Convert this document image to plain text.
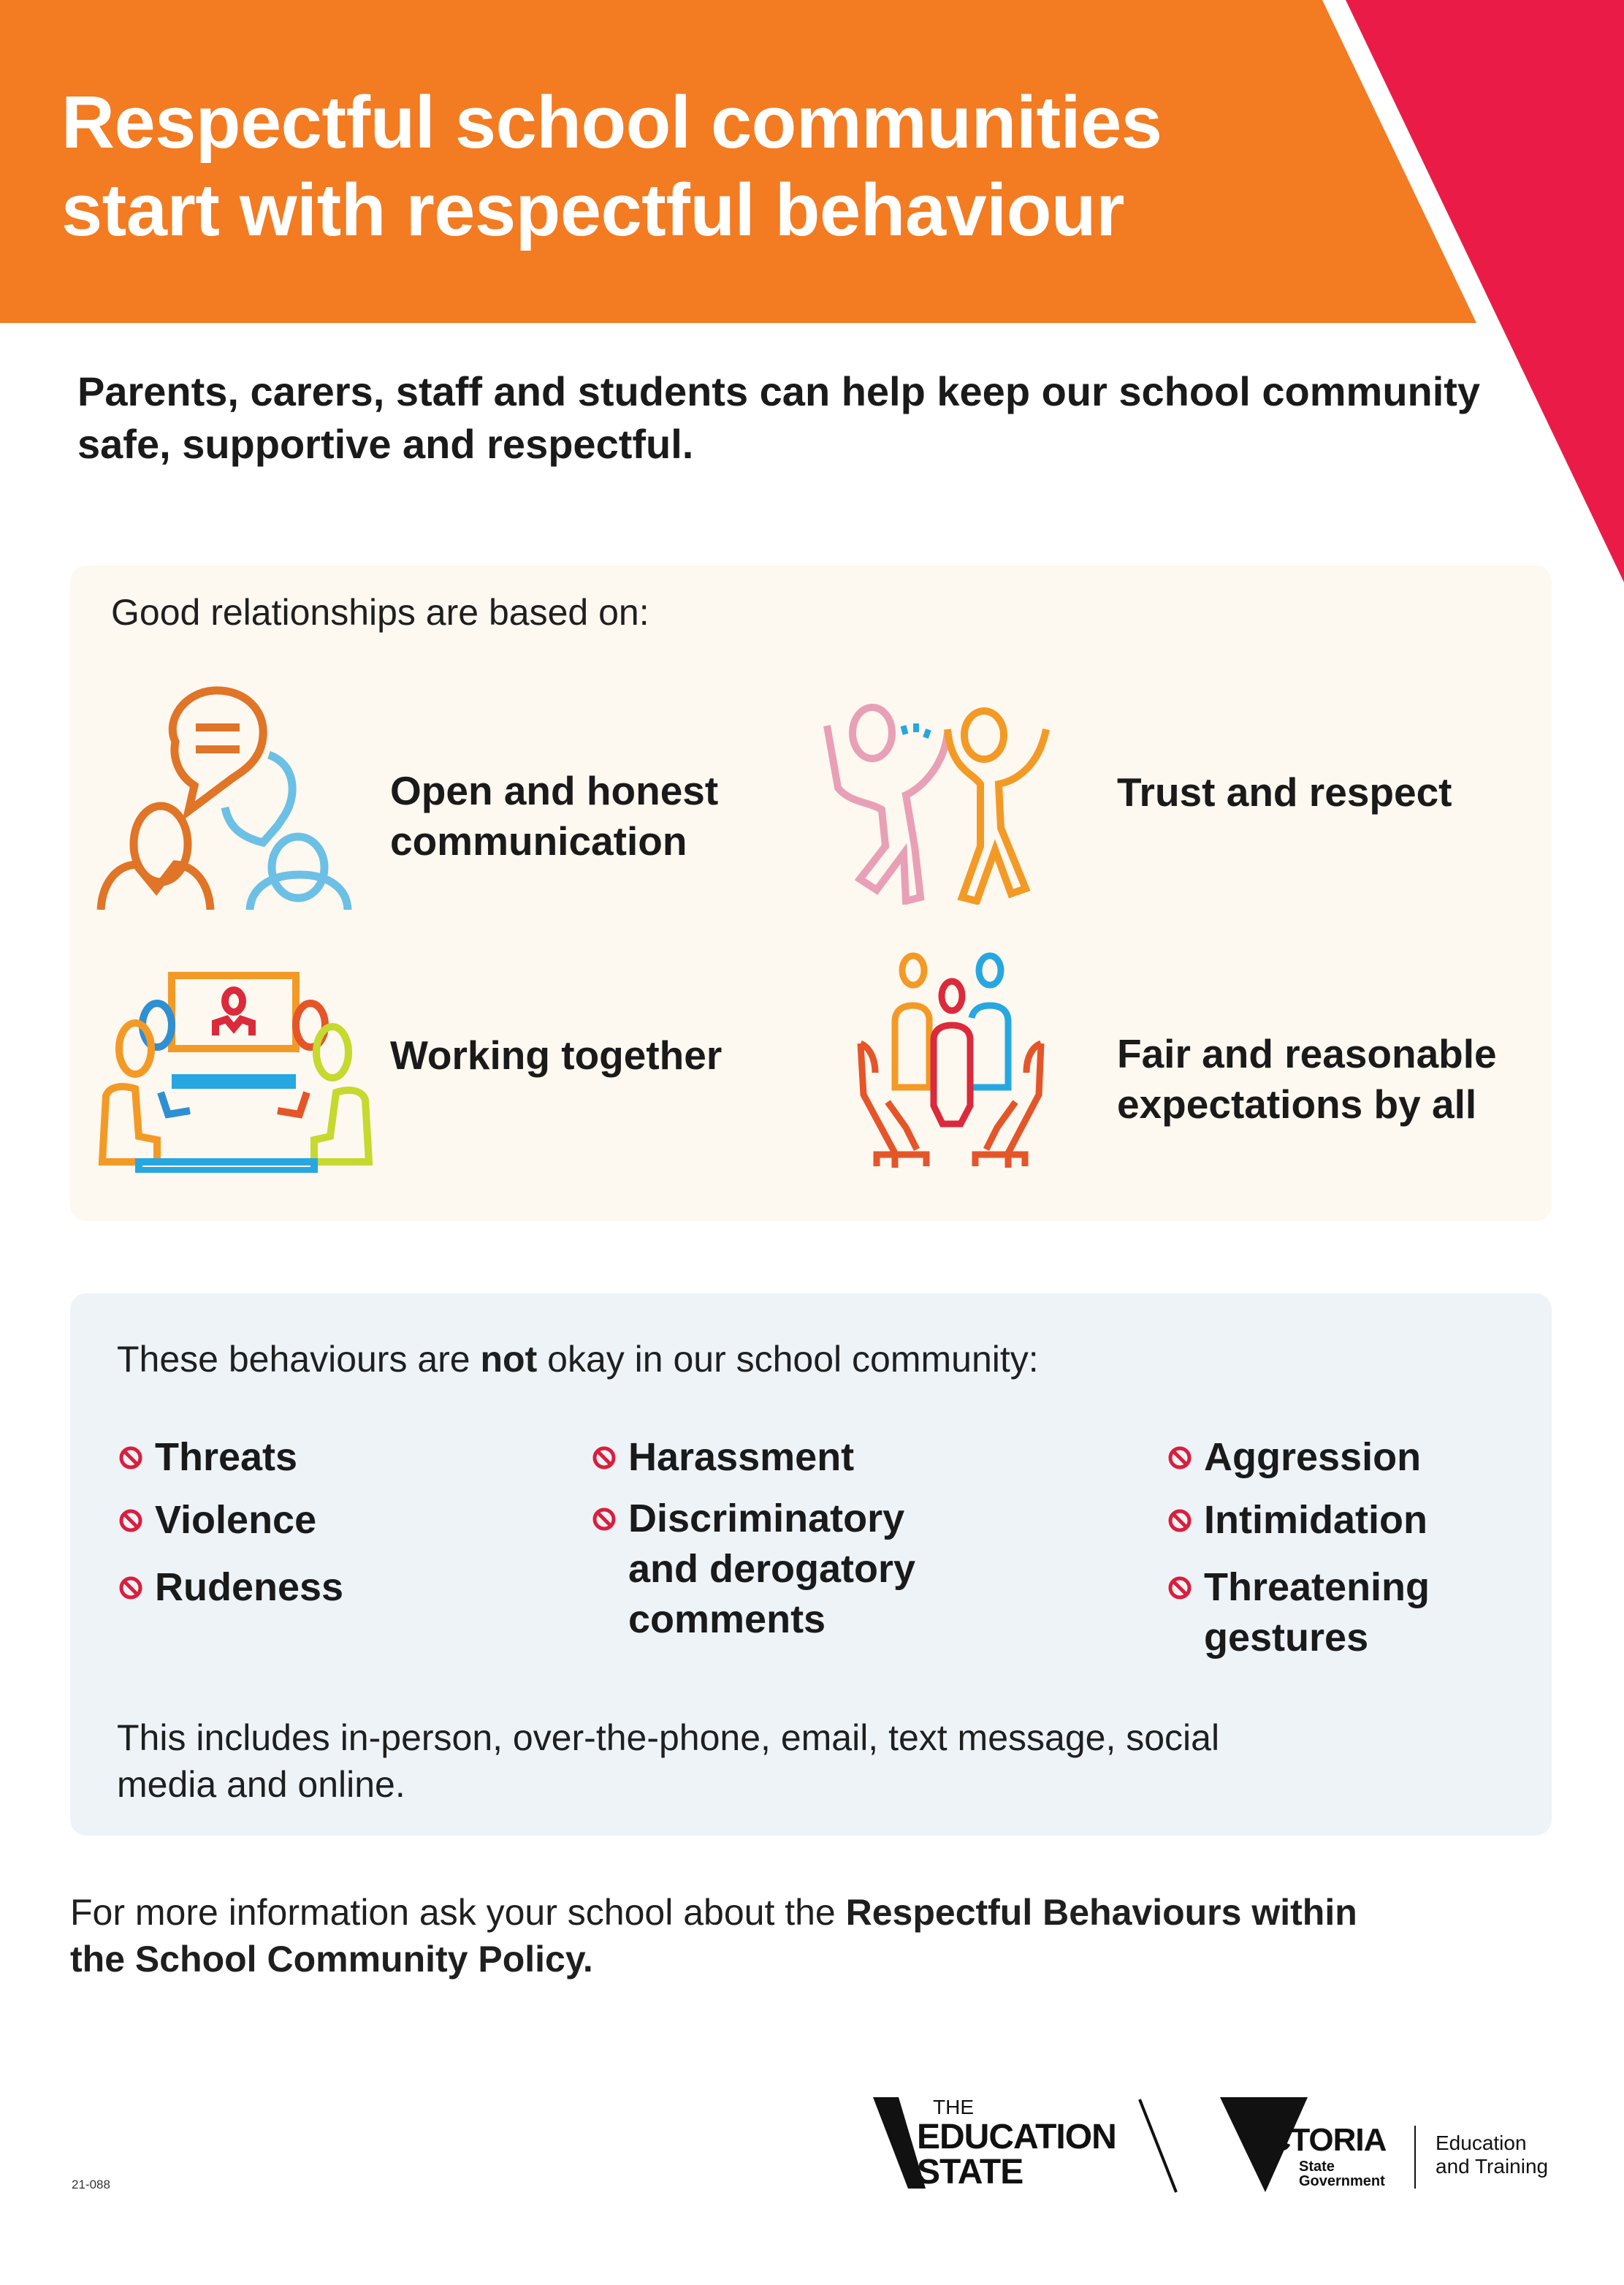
Respectful school communities
start with respectful behaviour

Parents, carers, staff and students can help keep our school community safe, supportive and respectful.

Good relationships are based on:
Open and honest
communication
Trust and respect
Working together	Fair and reasonable
expectations by all
These behaviours are not okay in our school community:
Threats
Violence
Rudeness
Harassment
Discriminatory
and derogatory
comments
Aggression
Intimidation
Threatening
gestures
This includes in-person, over-the-phone, email, text message, social
media and online.
For more information ask your school about the Respectful Behaviours within
the School Community Policy.
21-088
THE
EDUCATION
STATE
VICTORIA
State
Government
Education
and Training
